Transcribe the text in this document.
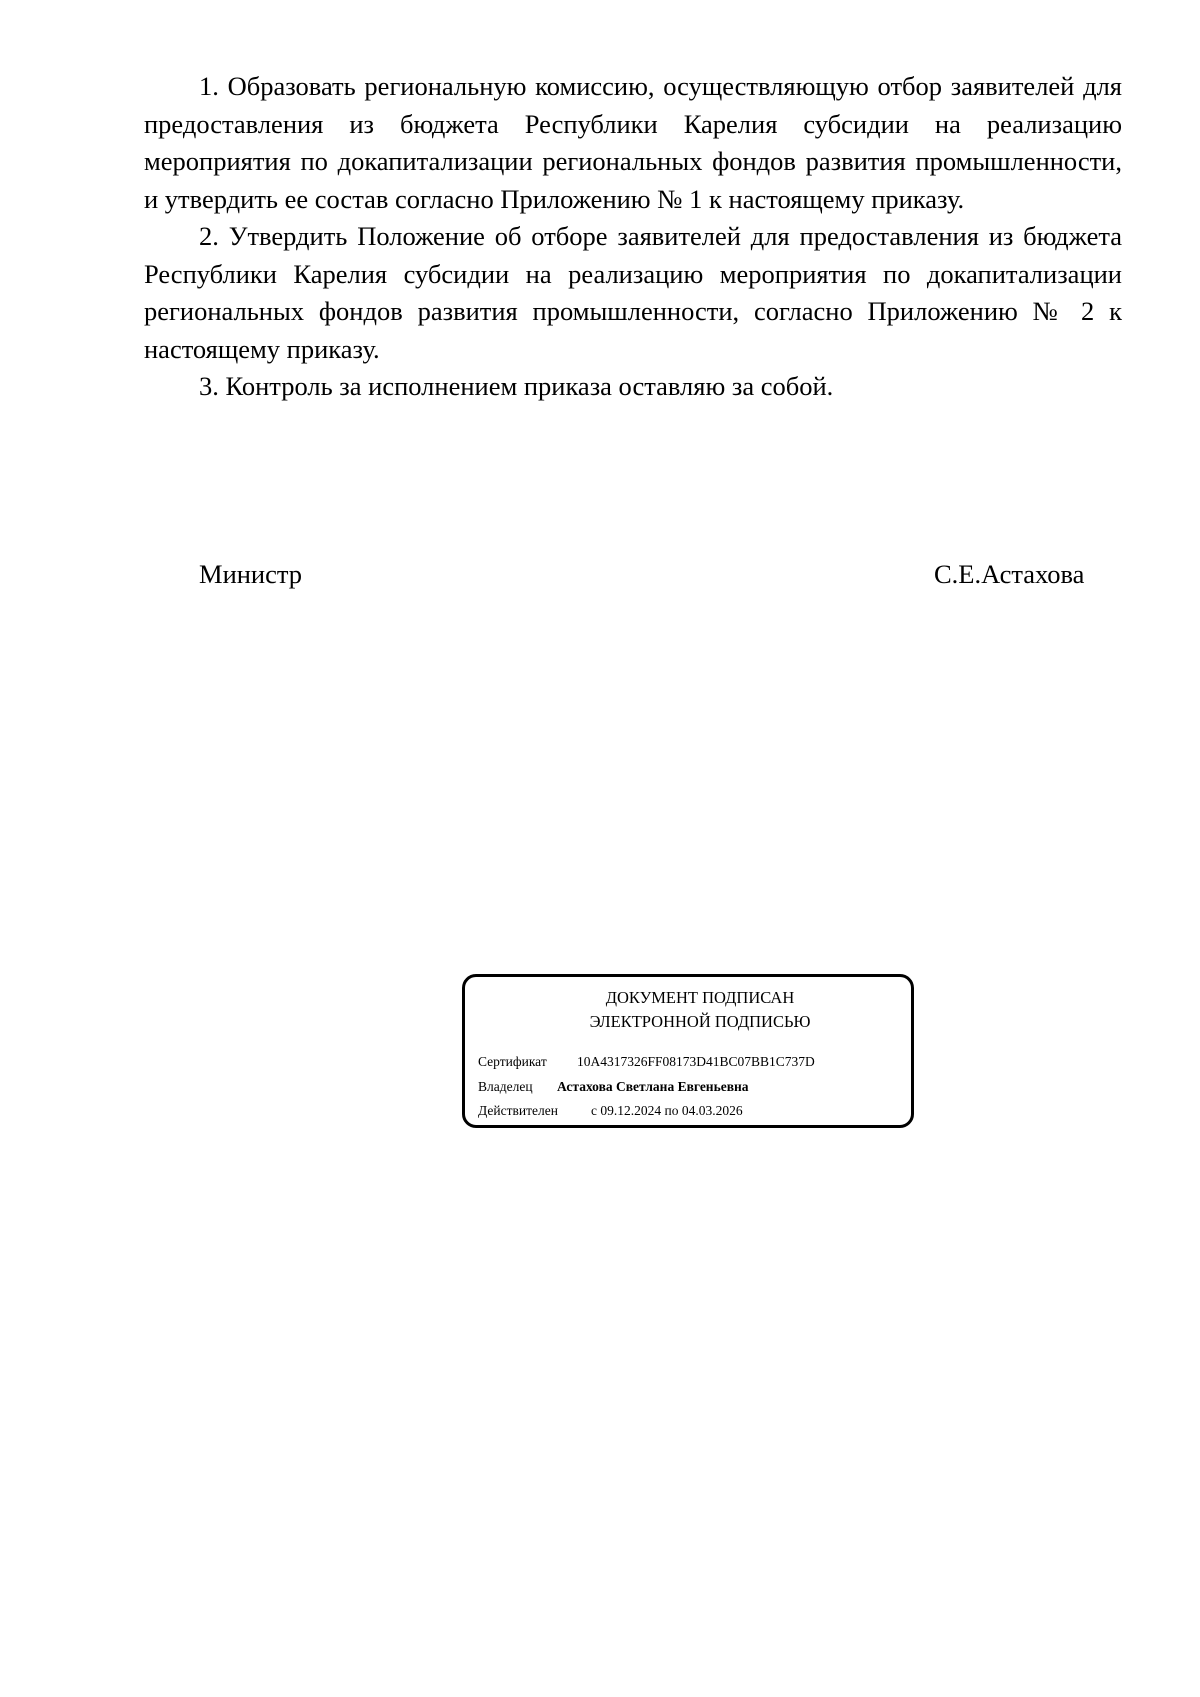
1. Образовать региональную комиссию, осуществляющую отбор заявителей для предоставления из бюджета Республики Карелия субсидии на реализацию мероприятия по докапитализации региональных фондов развития промышленности, и утвердить ее состав согласно Приложению № 1 к настоящему приказу.

2. Утвердить Положение об отборе заявителей для предоставления из бюджета Республики Карелия субсидии на реализацию мероприятия по докапитализации региональных фондов развития промышленности, согласно Приложению № 2 к настоящему приказу.

3. Контроль за исполнением приказа оставляю за собой.

Министр	С.Е.Астахова
ДОКУМЕНТ ПОДПИСАН
ЭЛЕКТРОННОЙ ПОДПИСЬЮ
Сертификат 10A4317326FF08173D41BC07BB1C737D
Владелец Астахова Светлана Евгеньевна
Действителен с 09.12.2024 по 04.03.2026
